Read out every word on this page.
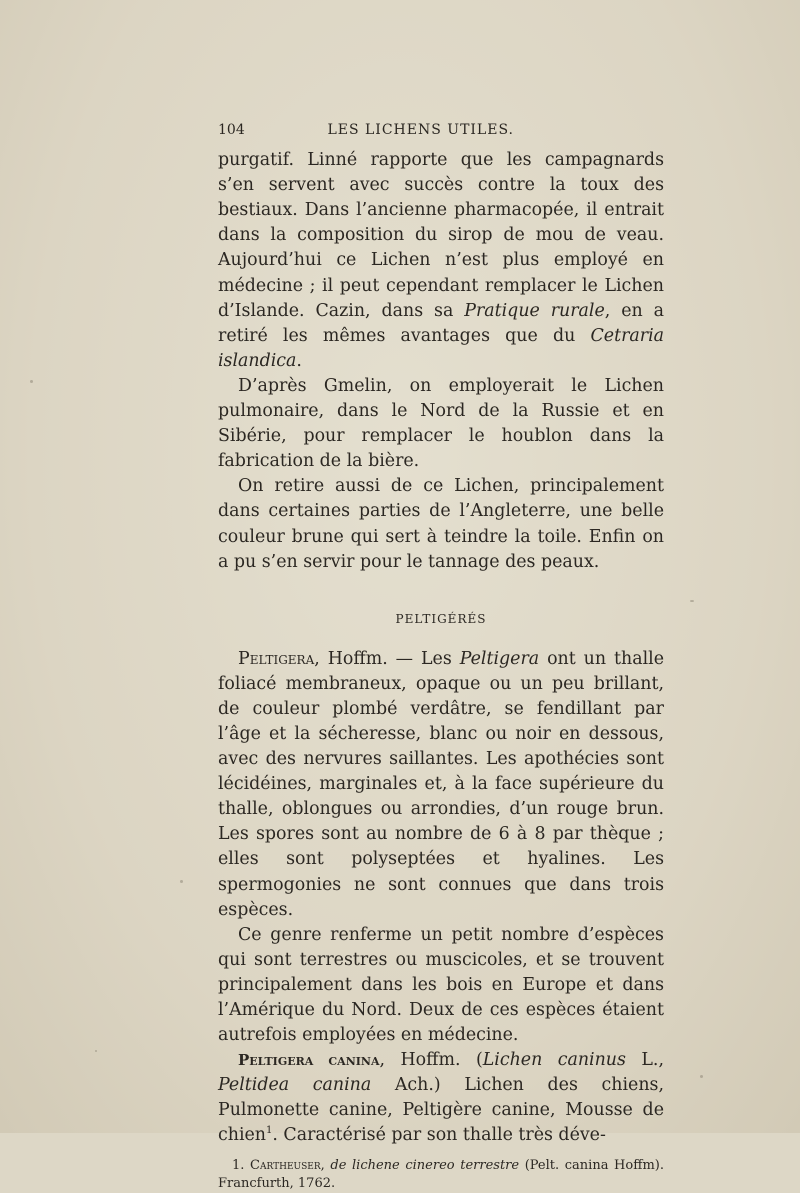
104	LES LICHENS UTILES.

purgatif. Linné rapporte que les campagnards s’en servent avec succès contre la toux des bestiaux. Dans l’ancienne pharmacopée, il entrait dans la composition du sirop de mou de veau. Aujourd’hui ce Lichen n’est plus employé en médecine ; il peut cependant remplacer le Lichen d’Islande. Cazin, dans sa Pratique rurale, en a retiré les mêmes avantages que du Cetraria islandica.

D’après Gmelin, on employerait le Lichen pulmonaire, dans le Nord de la Russie et en Sibérie, pour remplacer le houblon dans la fabrication de la bière.

On retire aussi de ce Lichen, principalement dans certaines parties de l’Angleterre, une belle couleur brune qui sert à teindre la toile. Enfin on a pu s’en servir pour le tannage des peaux.

PELTIGÉRÉS

Peltigera, Hoffm. — Les Peltigera ont un thalle foliacé membraneux, opaque ou un peu brillant, de couleur plombé verdâtre, se fendillant par l’âge et la sécheresse, blanc ou noir en dessous, avec des nervures saillantes. Les apothécies sont lécidéines, marginales et, à la face supérieure du thalle, oblongues ou arrondies, d’un rouge brun. Les spores sont au nombre de 6 à 8 par thèque ; elles sont polyseptées et hyalines. Les spermogonies ne sont connues que dans trois espèces.

Ce genre renferme un petit nombre d’espèces qui sont terrestres ou muscicoles, et se trouvent principalement dans les bois en Europe et dans l’Amérique du Nord. Deux de ces espèces étaient autrefois employées en médecine.

Peltigera canina, Hoffm. (Lichen caninus L., Peltidea canina Ach.) Lichen des chiens, Pulmonette canine, Peltigère canine, Mousse de chien$^1$. Caractérisé par son thalle très déve-

1. Cartheuser, de lichene cinereo terrestre (Pelt. canina Hoffm). Francfurth, 1762.
